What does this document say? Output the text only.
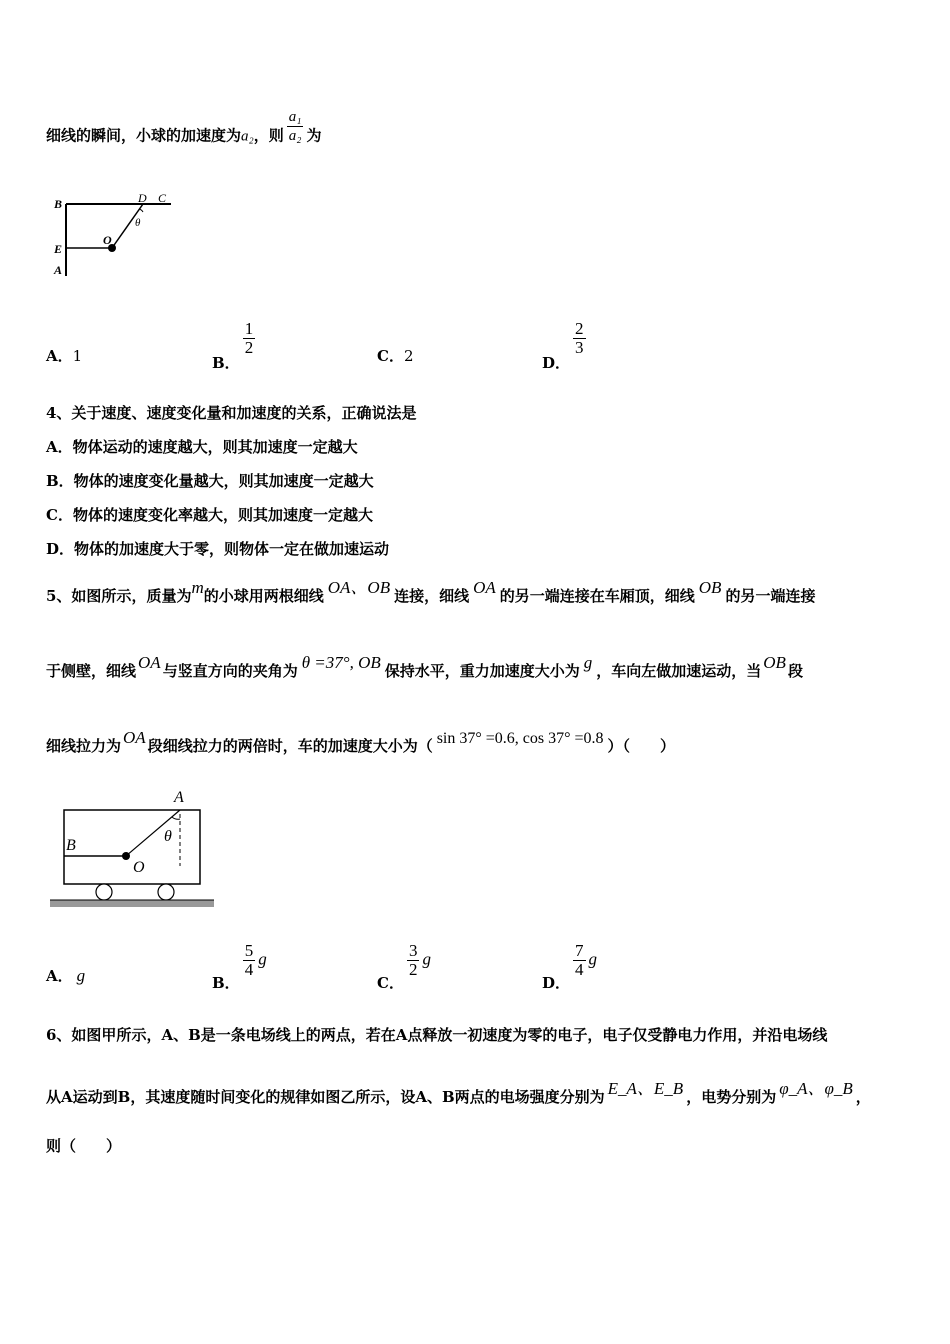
细线的瞬间，小球的加速度为a₂，则 $\frac{\text{a₁}}{\text{a₂}}$ 为
B	D C
θ
E
O
A
A．1	B．
$\frac{1}{2}$	C．2	D．
$\frac{2}{3}$
4、关于速度、速度变化量和加速度的关系，正确说法是
A．物体运动的速度越大，则其加速度一定越大
B．物体的速度变化量越大，则其加速度一定越大
C．物体的速度变化率越大，则其加速度一定越大
D．物体的加速度大于零，则物体一定在做加速运动
5、如图所示，质量为m的小球用两根细线 OA、OB 连接，细线 OA 的另一端连接在车厢顶，细线 OB 的另一端连接
于侧壁，细线 OA 与竖直方向的夹角为 θ =37°, OB 保持水平，重力加速度大小为 g ，车向左做加速运动，当 OB 段
细线拉力为 OA 段细线拉力的两倍时，车的加速度大小为（ sin 37° =0.6, cos 37° =0.8 ）（　　）
A
B
O
θ
A． g	B．
$\frac{5}{4}$ g
C．
$\frac{3}{2}$ g
D．
$\frac{7}{4}$ g
6、如图甲所示，A、B是一条电场线上的两点，若在A点释放一初速度为零的电子，电子仅受静电力作用，并沿电场线
从A运动到B，其速度随时间变化的规律如图乙所示，设A、B两点的电场强度分别为 E_A、E_B ，电势分别为 φ_A、φ_B ，
则（　　）
